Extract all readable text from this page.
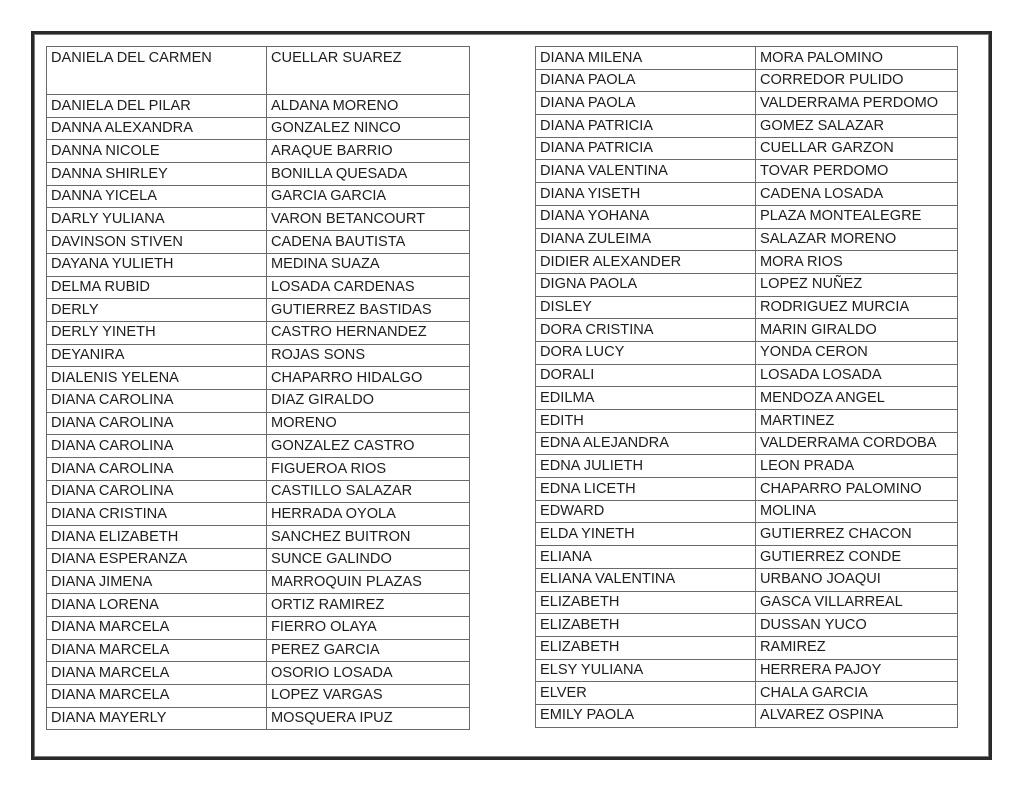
DANIELA DEL CARMEN	CUELLAR SUAREZ
DANIELA DEL PILAR	ALDANA MORENO
DANNA ALEXANDRA	GONZALEZ NINCO
DANNA NICOLE	ARAQUE BARRIO
DANNA SHIRLEY	BONILLA QUESADA
DANNA YICELA	GARCIA GARCIA
DARLY YULIANA	VARON BETANCOURT
DAVINSON STIVEN	CADENA BAUTISTA
DAYANA YULIETH	MEDINA SUAZA
DELMA RUBID	LOSADA CARDENAS
DERLY	GUTIERREZ BASTIDAS
DERLY YINETH	CASTRO HERNANDEZ
DEYANIRA	ROJAS SONS
DIALENIS YELENA	CHAPARRO HIDALGO
DIANA CAROLINA	DIAZ GIRALDO
DIANA CAROLINA	MORENO
DIANA CAROLINA	GONZALEZ CASTRO
DIANA CAROLINA	FIGUEROA RIOS
DIANA CAROLINA	CASTILLO SALAZAR
DIANA CRISTINA	HERRADA OYOLA
DIANA ELIZABETH	SANCHEZ BUITRON
DIANA ESPERANZA	SUNCE GALINDO
DIANA JIMENA	MARROQUIN PLAZAS
DIANA LORENA	ORTIZ RAMIREZ
DIANA MARCELA	FIERRO OLAYA
DIANA MARCELA	PEREZ GARCIA
DIANA MARCELA	OSORIO LOSADA
DIANA MARCELA	LOPEZ VARGAS
DIANA MAYERLY	MOSQUERA IPUZ
DIANA MILENA	MORA PALOMINO
DIANA PAOLA	CORREDOR PULIDO
DIANA PAOLA	VALDERRAMA PERDOMO
DIANA PATRICIA	GOMEZ SALAZAR
DIANA PATRICIA	CUELLAR GARZON
DIANA VALENTINA	TOVAR PERDOMO
DIANA YISETH	CADENA LOSADA
DIANA YOHANA	PLAZA MONTEALEGRE
DIANA ZULEIMA	SALAZAR MORENO
DIDIER ALEXANDER	MORA RIOS
DIGNA PAOLA	LOPEZ NUÑEZ
DISLEY	RODRIGUEZ MURCIA
DORA CRISTINA	MARIN GIRALDO
DORA LUCY	YONDA CERON
DORALI	LOSADA LOSADA
EDILMA	MENDOZA ANGEL
EDITH	MARTINEZ
EDNA ALEJANDRA	VALDERRAMA CORDOBA
EDNA JULIETH	LEON PRADA
EDNA LICETH	CHAPARRO PALOMINO
EDWARD	MOLINA
ELDA YINETH	GUTIERREZ CHACON
ELIANA	GUTIERREZ CONDE
ELIANA VALENTINA	URBANO JOAQUI
ELIZABETH	GASCA VILLARREAL
ELIZABETH	DUSSAN YUCO
ELIZABETH	RAMIREZ
ELSY YULIANA	HERRERA PAJOY
ELVER	CHALA GARCIA
EMILY PAOLA	ALVAREZ OSPINA
